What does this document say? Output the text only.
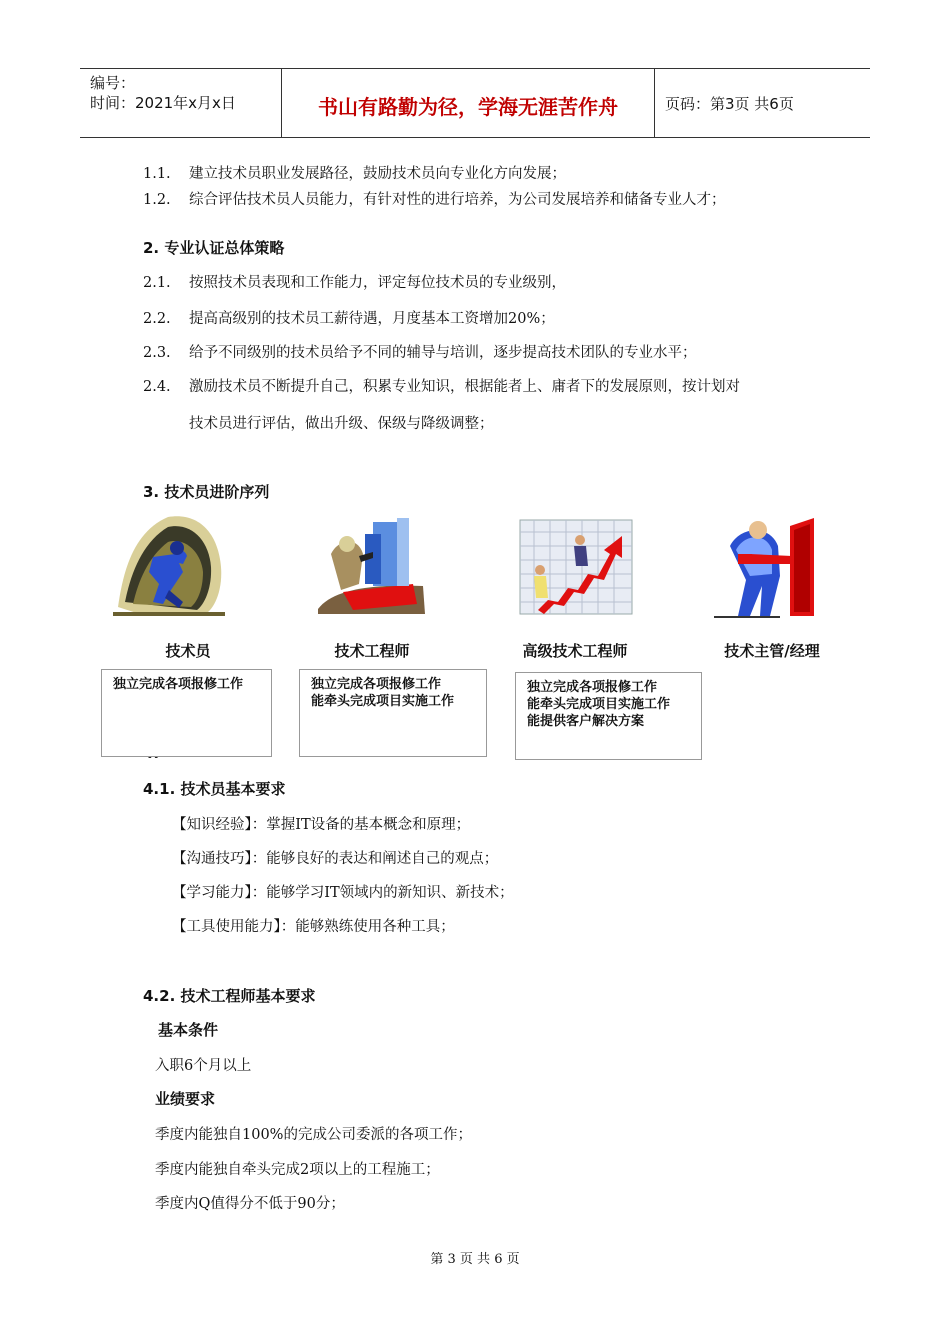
编号：
时间：2021年x月x日	书山有路勤为径，学海无涯苦作舟	页码：第3页 共6页
1.1. 建立技术员职业发展路径，鼓励技术员向专业化方向发展；
1.2. 综合评估技术员人员能力，有针对性的进行培养，为公司发展培养和储备专业人才；
2. 专业认证总体策略
2.1. 按照技术员表现和工作能力，评定每位技术员的专业级别，
2.2. 提高高级别的技术员工薪待遇，月度基本工资增加20%；
2.3. 给予不同级别的技术员给予不同的辅导与培训，逐步提高技术团队的专业水平；
2.4. 激励技术员不断提升自己，积累专业知识，根据能者上、庸者下的发展原则，按计划对
技术员进行评估，做出升级、保级与降级调整；
3. 技术员进阶序列
技术员	技术工程师	高级技术工程师	技术主管/经理
独立完成各项报修工作	独立完成各项报修工作
能牵头完成项目实施工作
独立完成各项报修工作
能牵头完成项目实施工作
能提供客户解决方案
4.1. 技术员基本要求
【知识经验】：掌握IT设备的基本概念和原理；
【沟通技巧】：能够良好的表达和阐述自己的观点；
【学习能力】：能够学习IT领域内的新知识、新技术；
【工具使用能力】：能够熟练使用各种工具；
4.2. 技术工程师基本要求
基本条件
入职6个月以上
业绩要求
季度内能独自100%的完成公司委派的各项工作；
季度内能独自牵头完成2项以上的工程施工；
季度内Q值得分不低于90分；
第 3 页 共 6 页
